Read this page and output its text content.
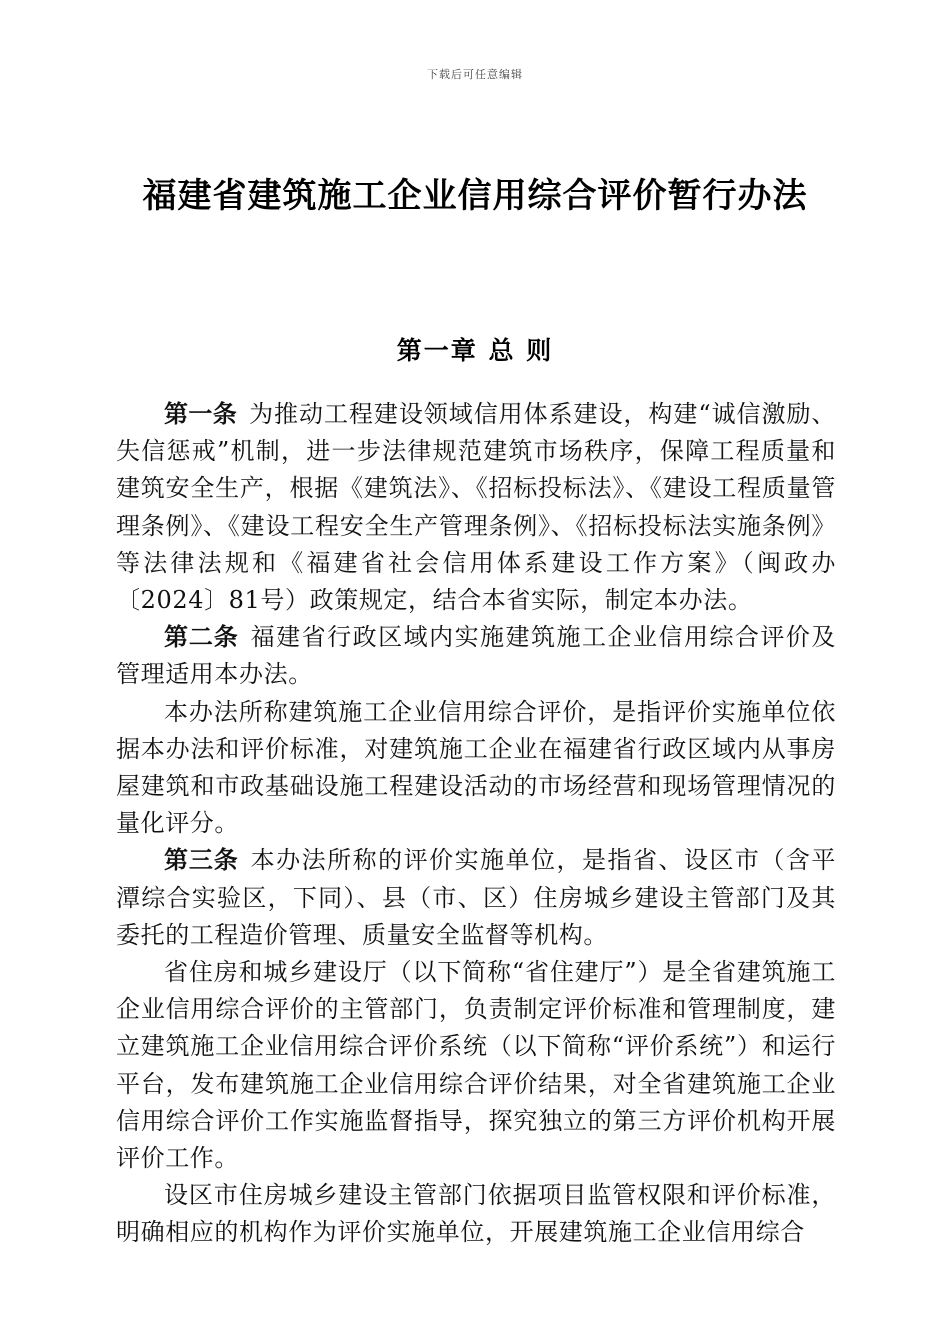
下载后可任意编辑
福建省建筑施工企业信用综合评价暂行办法
第一章 总 则

第一条 为推动工程建设领域信用体系建设，构建“诚信激励、失信惩戒”机制，进一步法律规范建筑市场秩序，保障工程质量和建筑安全生产，根据《建筑法》、《招标投标法》、《建设工程质量管理条例》、《建设工程安全生产管理条例》、《招标投标法实施条例》等法律法规和《福建省社会信用体系建设工作方案》（闽政办〔2024〕81号）政策规定，结合本省实际，制定本办法。

第二条 福建省行政区域内实施建筑施工企业信用综合评价及管理适用本办法。

本办法所称建筑施工企业信用综合评价，是指评价实施单位依据本办法和评价标准，对建筑施工企业在福建省行政区域内从事房屋建筑和市政基础设施工程建设活动的市场经营和现场管理情况的量化评分。

第三条 本办法所称的评价实施单位，是指省、设区市（含平潭综合实验区，下同）、县（市、区）住房城乡建设主管部门及其委托的工程造价管理、质量安全监督等机构。

省住房和城乡建设厅（以下简称“省住建厅”）是全省建筑施工企业信用综合评价的主管部门，负责制定评价标准和管理制度，建立建筑施工企业信用综合评价系统（以下简称“评价系统”）和运行平台，发布建筑施工企业信用综合评价结果，对全省建筑施工企业信用综合评价工作实施监督指导，探究独立的第三方评价机构开展评价工作。

设区市住房城乡建设主管部门依据项目监管权限和评价标准，明确相应的机构作为评价实施单位，开展建筑施工企业信用综合
